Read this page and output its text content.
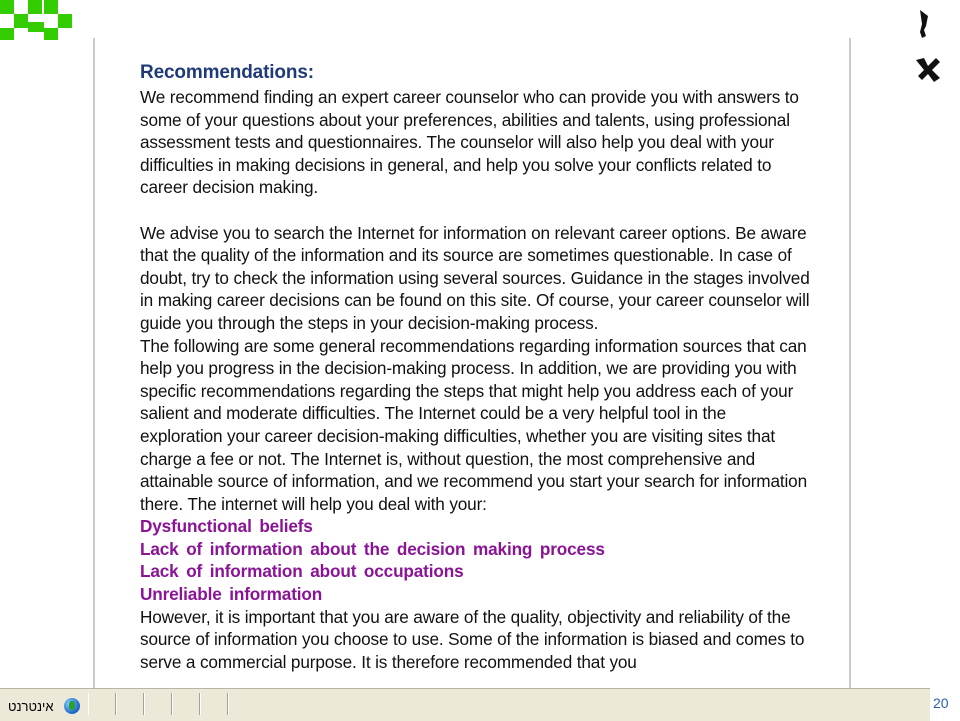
Recommendations:

We recommend finding an expert career counselor who can provide you with answers to some of your questions about your preferences, abilities and talents, using professional assessment tests and questionnaires. The counselor will also help you deal with your difficulties in making decisions in general, and help you solve your conflicts related to career decision making.

We advise you to search the Internet for information on relevant career options. Be aware that the quality of the information and its source are sometimes questionable. In case of doubt, try to check the information using several sources. Guidance in the stages involved in making career decisions can be found on this site. Of course, your career counselor will guide you through the steps in your decision-making process.

The following are some general recommendations regarding information sources that can help you progress in the decision-making process. In addition, we are providing you with specific recommendations regarding the steps that might help you address each of your salient and moderate difficulties. The Internet could be a very helpful tool in the exploration your career decision-making difficulties, whether you are visiting sites that charge a fee or not. The Internet is, without question, the most comprehensive and attainable source of information, and we recommend you start your search for information there. The internet will help you deal with your:

Dysfunctional beliefs
Lack of information about the decision making process
Lack of information about occupations
Unreliable information

However, it is important that you are aware of the quality, objectivity and reliability of the source of information you choose to use. Some of the information is biased and comes to serve a commercial purpose. It is therefore recommended that you

אינטרנט	20
